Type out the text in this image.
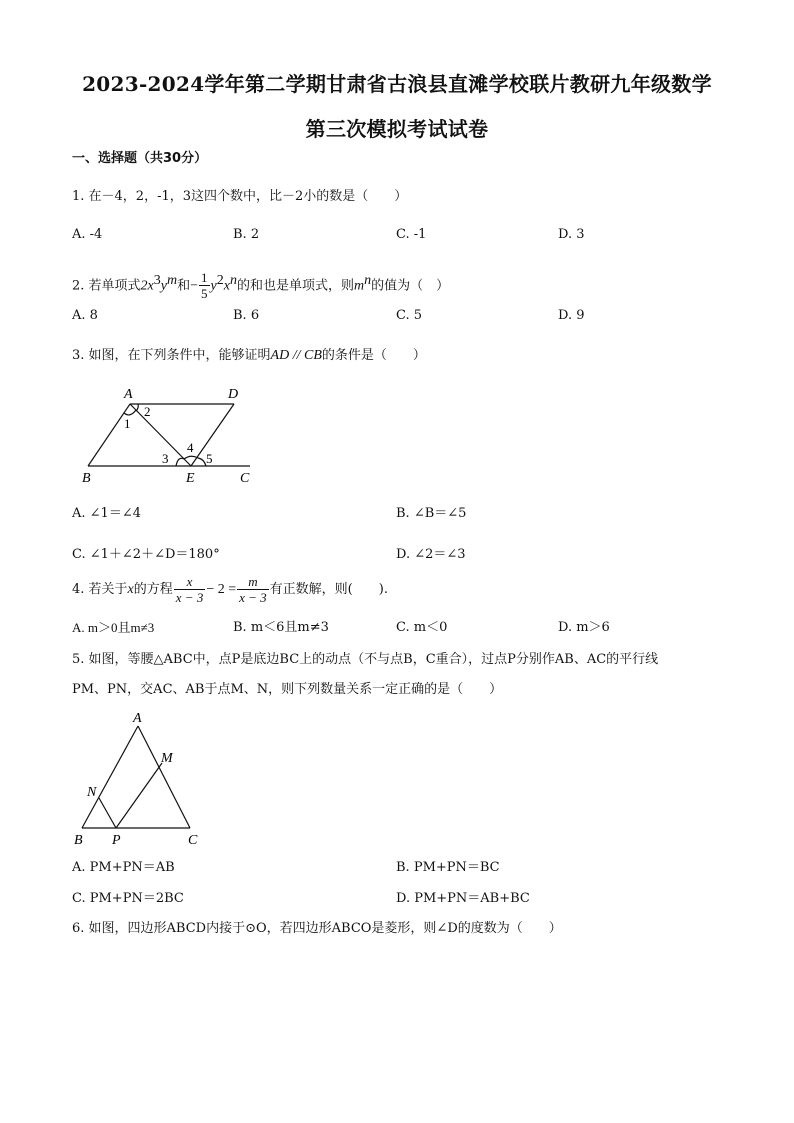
2023-2024学年第二学期甘肃省古浪县直滩学校联片教研九年级数学
第三次模拟考试试卷
一、选择题（共30分）
1. 在－4，2，-1，3这四个数中，比－2小的数是（　　）
A. -4	B. 2	C. -1	D. 3
2. 若单项式$2x^3y^m$和− $\frac{1}{5} y^2x^n$的和也是单项式，则$m^n$的值为（　）
A. 8	B. 6	C. 5	D. 9
3. 如图，在下列条件中，能够证明AD // CB的条件是（　　）
A	D
B	E	C
1
2
3
4
5
A. ∠1＝∠4	B. ∠B＝∠5
C. ∠1＋∠2＋∠D＝180°	D. ∠2＝∠3
4. 若关于x的方程 $\frac{x}{x - 3} - 2 = \frac{m}{x - 3}$ 有正数解，则(　　).
A. m＞0且m≠3	B. m＜6且m≠3	C. m＜0	D. m＞6
5. 如图，等腰△ABC中，点P是底边BC上的动点（不与点B，C重合），过点P分别作AB、AC的平行线
PM、PN，交AC、AB于点M、N，则下列数量关系一定正确的是（　　）
A
M
N
B P	C
A. PM+PN＝AB	B. PM+PN＝BC
C. PM+PN＝2BC	D. PM+PN＝AB+BC
6. 如图，四边形ABCD内接于⊙O，若四边形ABCO是菱形，则∠D的度数为（　　）
